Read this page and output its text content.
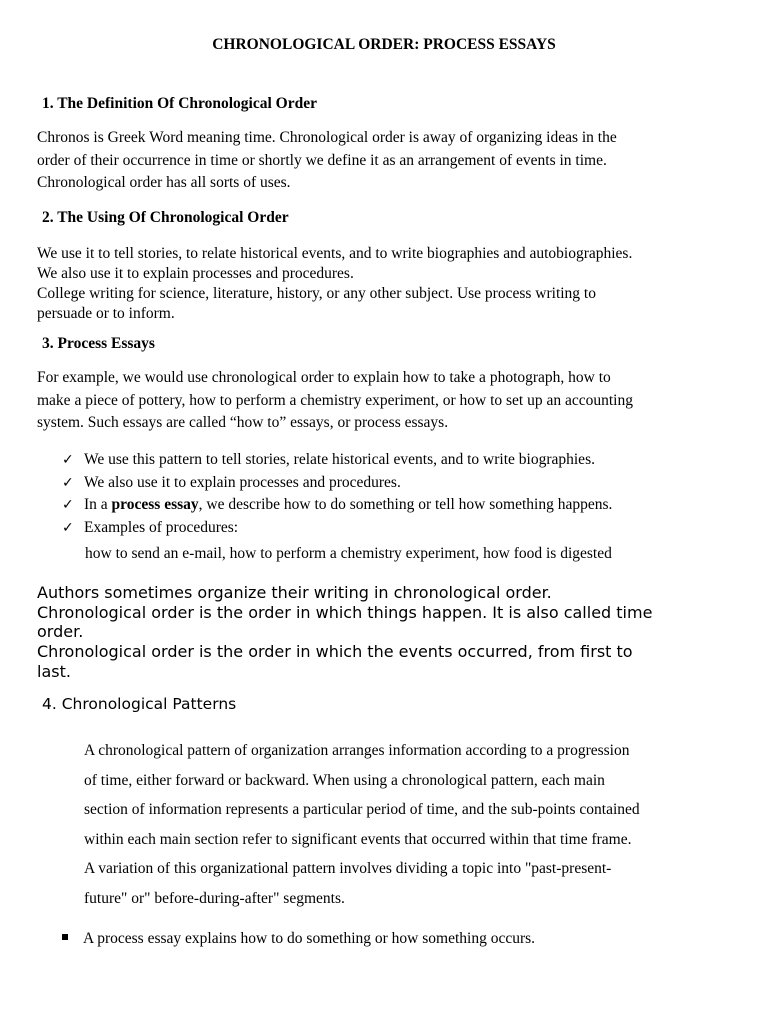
CHRONOLOGICAL ORDER: PROCESS ESSAYS
1. The Definition Of Chronological Order
Chronos is Greek Word meaning time. Chronological order is away of organizing ideas in the
order of their occurrence in time or shortly we define it as an arrangement of events in time.
Chronological order has all sorts of uses.
2. The Using Of Chronological Order
We use it to tell stories, to relate historical events, and to write biographies and autobiographies.
We also use it to explain processes and procedures.
College writing for science, literature, history, or any other subject. Use process writing to
persuade or to inform.
3. Process Essays
For example, we would use chronological order to explain how to take a photograph, how to
make a piece of pottery, how to perform a chemistry experiment, or how to set up an accounting
system. Such essays are called “how to” essays, or process essays.
✓ We use this pattern to tell stories, relate historical events, and to write biographies.
✓ We also use it to explain processes and procedures.
✓ In a process essay, we describe how to do something or tell how something happens.
✓ Examples of procedures:
how to send an e-mail, how to perform a chemistry experiment, how food is digested
Authors sometimes organize their writing in chronological order.
Chronological order is the order in which things happen. It is also called time
order.
Chronological order is the order in which the events occurred, from first to
last.
4. Chronological Patterns
A chronological pattern of organization arranges information according to a progression
of time, either forward or backward. When using a chronological pattern, each main
section of information represents a particular period of time, and the sub-points contained
within each main section refer to significant events that occurred within that time frame.
A variation of this organizational pattern involves dividing a topic into "past-present-
future" or" before-during-after" segments.
A process essay explains how to do something or how something occurs.
